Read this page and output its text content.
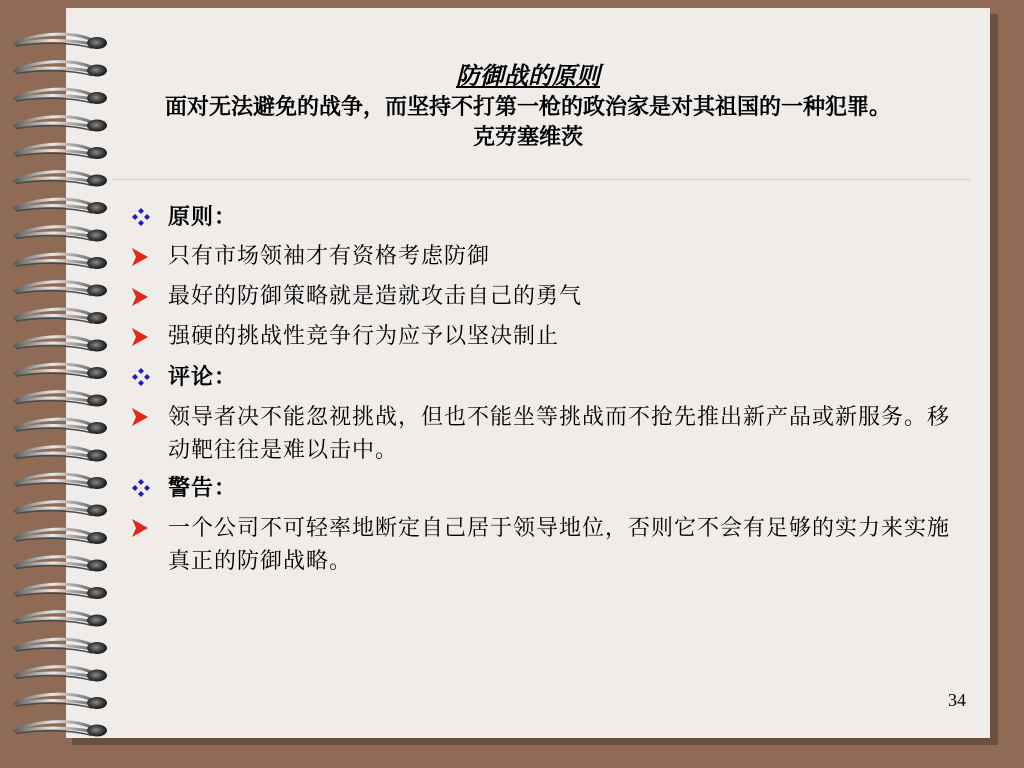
防御战的原则
面对无法避免的战争，而坚持不打第一枪的政治家是对其祖国的一种犯罪。
克劳塞维茨
原则：
只有市场领袖才有资格考虑防御
最好的防御策略就是造就攻击自己的勇气
强硬的挑战性竞争行为应予以坚决制止
评论：
领导者决不能忽视挑战，但也不能坐等挑战而不抢先推出新产品或新服务。移动靶往往是难以击中。
警告：
一个公司不可轻率地断定自己居于领导地位，否则它不会有足够的实力来实施真正的防御战略。
34
